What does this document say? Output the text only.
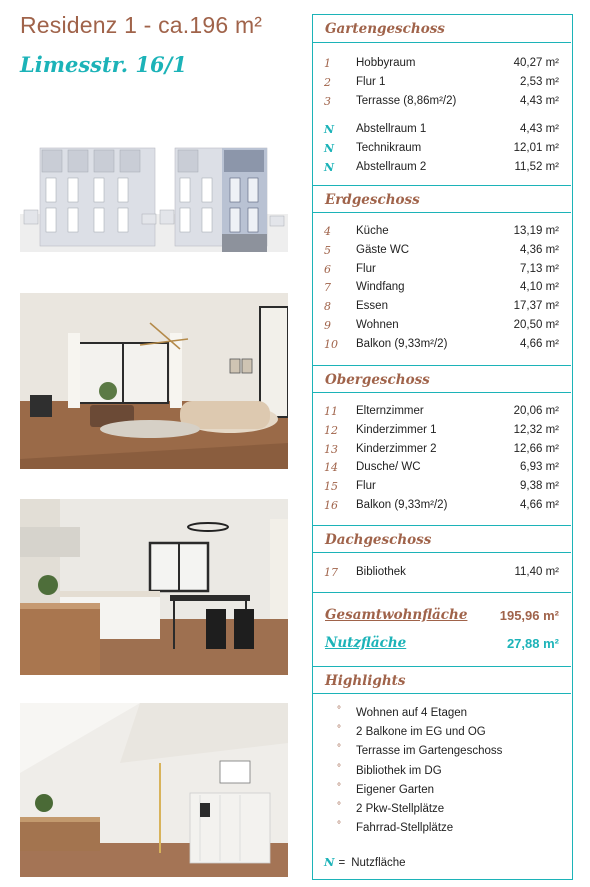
Residenz 1 - ca.196 m²
Limesstr. 16/1
Gartengeschoss
1 Hobbyraum	40,27 m²
2 Flur 1	2,53 m²
3 Terrasse (8,86m²/2)	4,43 m²
N Abstellraum 1	4,43 m²
N Technikraum	12,01 m²
N Abstellraum 2	11,52 m²
Erdgeschoss
4 Küche	13,19 m²
5 Gäste WC	4,36 m²
6 Flur	7,13 m²
7 Windfang	4,10 m²
8 Essen	17,37 m²
9 Wohnen	20,50 m²
10 Balkon (9,33m²/2)	4,66 m²
Obergeschoss
11 Elternzimmer	20,06 m²
12 Kinderzimmer 1	12,32 m²
13 Kinderzimmer 2	12,66 m²
14 Dusche/ WC	6,93 m²
15 Flur	9,38 m²
16 Balkon (9,33m²/2)	4,66 m²
Dachgeschoss
17 Bibliothek	11,40 m²
Gesamtwohnfläche 195,96 m²
Nutzfläche	27,88 m²
Highlights
° Wohnen auf 4 Etagen
° 2 Balkone im EG und OG
° Terrasse im Gartengeschoss
° Bibliothek im DG
° Eigener Garten
° 2 Pkw-Stellplätze
° Fahrrad-Stellplätze
N = Nutzfläche
